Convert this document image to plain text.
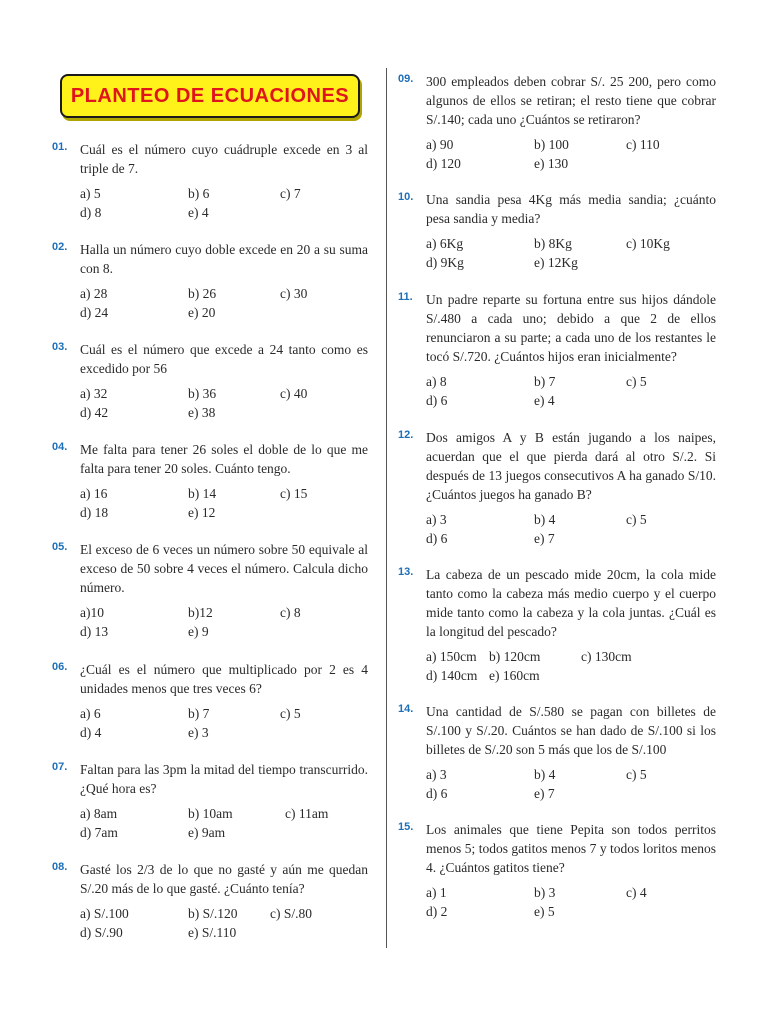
PLANTEO DE ECUACIONES
01. Cuál es el número cuyo cuádruple excede en 3 al triple de 7.
a) 5	b) 6	c) 7
d) 8	e) 4
02. Halla un número cuyo doble excede en 20 a su suma con 8.
a) 28	b) 26	c) 30
d) 24	e) 20
03. Cuál es el número que excede a 24 tanto como es excedido por 56
a) 32	b) 36	c) 40
d) 42	e) 38
04. Me falta para tener 26 soles el doble de lo que me falta para tener 20 soles. Cuánto tengo.
a) 16	b) 14	c) 15
d) 18	e) 12
05. El exceso de 6 veces un número sobre 50 equivale al exceso de 50 sobre 4 veces el número. Calcula dicho número.
a)10	b)12	c) 8
d) 13	e) 9
06. ¿Cuál es el número que multiplicado por 2 es 4 unidades menos que tres veces 6?
a) 6	b) 7	c) 5
d) 4	e) 3
07. Faltan para las 3pm la mitad del tiempo transcurrido. ¿Qué hora es?
a) 8am	b) 10am	c) 11am
d) 7am	e) 9am
08. Gasté los 2/3 de lo que no gasté y aún me quedan S/.20 más de lo que gasté. ¿Cuánto tenía?
a) S/.100	b) S/.120 c) S/.80
d) S/.90	e) S/.110
09. 300 empleados deben cobrar S/. 25 200, pero como algunos de ellos se retiran; el resto tiene que cobrar S/.140; cada uno ¿Cuántos se retiraron?
a) 90	b) 100	c) 110
d) 120	e) 130
10. Una sandia pesa 4Kg más media sandia; ¿cuánto pesa sandia y media?
a) 6Kg	b) 8Kg	c) 10Kg
d) 9Kg	e) 12Kg
11. Un padre reparte su fortuna entre sus hijos dándole S/.480 a cada uno; debido a que 2 de ellos renunciaron a su parte; a cada uno de los restantes le tocó S/.720. ¿Cuántos hijos eran inicialmente?
a) 8	b) 7	c) 5
d) 6	e) 4
12. Dos amigos A y B están jugando a los naipes, acuerdan que el que pierda dará al otro S/.2. Si después de 13 juegos consecutivos A ha ganado S/10. ¿Cuántos juegos ha ganado B?
a) 3	b) 4	c) 5
d) 6	e) 7
13. La cabeza de un pescado mide 20cm, la cola mide tanto como la cabeza más medio cuerpo y el cuerpo mide tanto como la cabeza y la cola juntas. ¿Cuál es la longitud del pescado?
a) 150cm b) 120cm	c) 130cm
d) 140cm e) 160cm
14. Una cantidad de S/.580 se pagan con billetes de S/.100 y S/.20. Cuántos se han dado de S/.100 si los billetes de S/.20 son 5 más que los de S/.100
a) 3	b) 4	c) 5
d) 6	e) 7
15. Los animales que tiene Pepita son todos perritos menos 5; todos gatitos menos 7 y todos loritos menos 4. ¿Cuántos gatitos tiene?
a) 1	b) 3	c) 4
d) 2	e) 5
